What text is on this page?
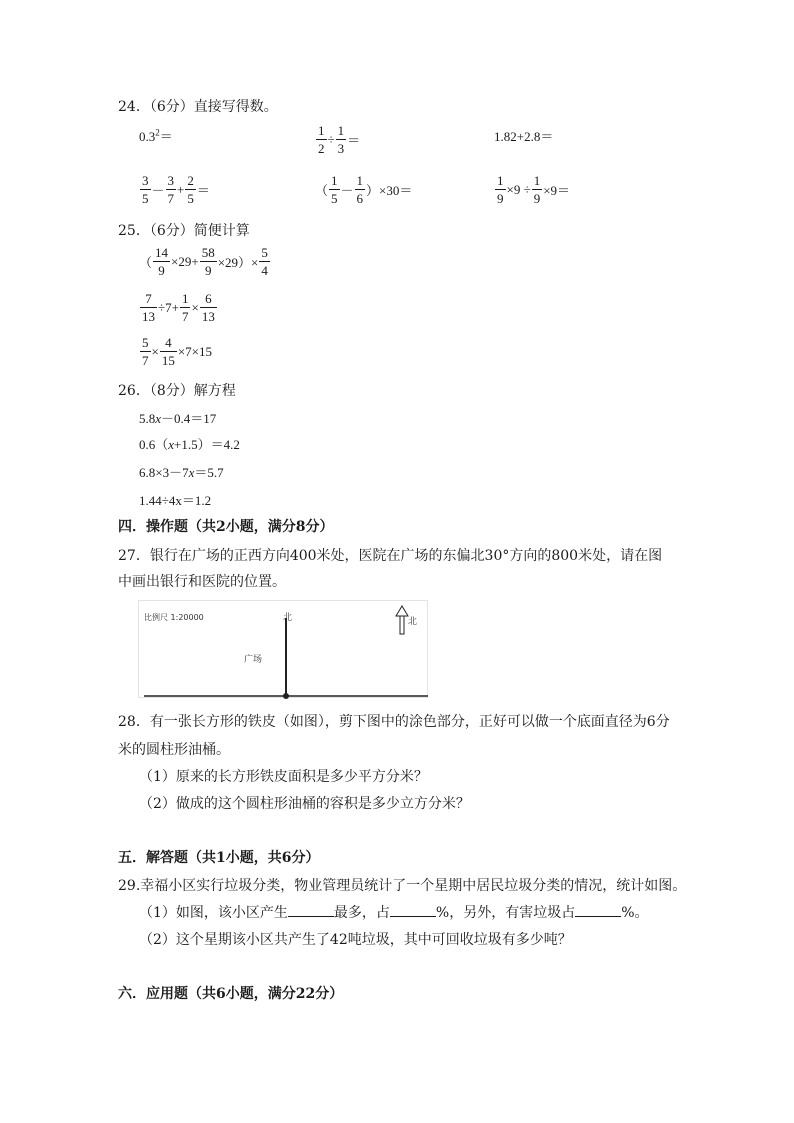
24．（6分）直接写得数。
$0.3^2=$	$\frac{1}{2} \div \frac{1}{3}$ ＝	1.82+2.8＝
$\frac{3}{5} - \frac{3}{7} + \frac{2}{5}$ ＝	（ $\frac{1}{5} - \frac{1}{6} )\times 30=$	$\frac{1}{9} \times 9 \div \frac{1}{9} \times 9=$
25．（6分）简便计算
（ $\frac{14}{9} \times 29+ \frac{58}{9} \times 29)\times \frac{5}{4}$
$\frac{7}{13} \div 7+ \frac{1}{7} \times \frac{6}{13}$
$\frac{5}{7} \times \frac{4}{15} \times 7\times 15$
26．（8分）解方程
5.8x－0.4＝17
0.6（x+1.5）＝4.2
6.8×3－7x＝5.7
1.44÷4x＝1.2
四．操作题（共2小题，满分8分）
27．银行在广场的正西方向400米处，医院在广场的东偏北30°方向的800米处，请在图
中画出银行和医院的位置。
比例尺 1:20000	北
广场
北
28．有一张长方形的铁皮（如图），剪下图中的涂色部分，正好可以做一个底面直径为6分
米的圆柱形油桶。
（1）原来的长方形铁皮面积是多少平方分米？
（2）做成的这个圆柱形油桶的容积是多少立方分米？
五．解答题（共1小题，共6分）
29.幸福小区实行垃圾分类，物业管理员统计了一个星期中居民垃圾分类的情况，统计如图。
（1）如图，该小区产生	最多，占	%，另外，有害垃圾占	%。
（2）这个星期该小区共产生了42吨垃圾，其中可回收垃圾有多少吨？
六．应用题（共6小题，满分22分）
